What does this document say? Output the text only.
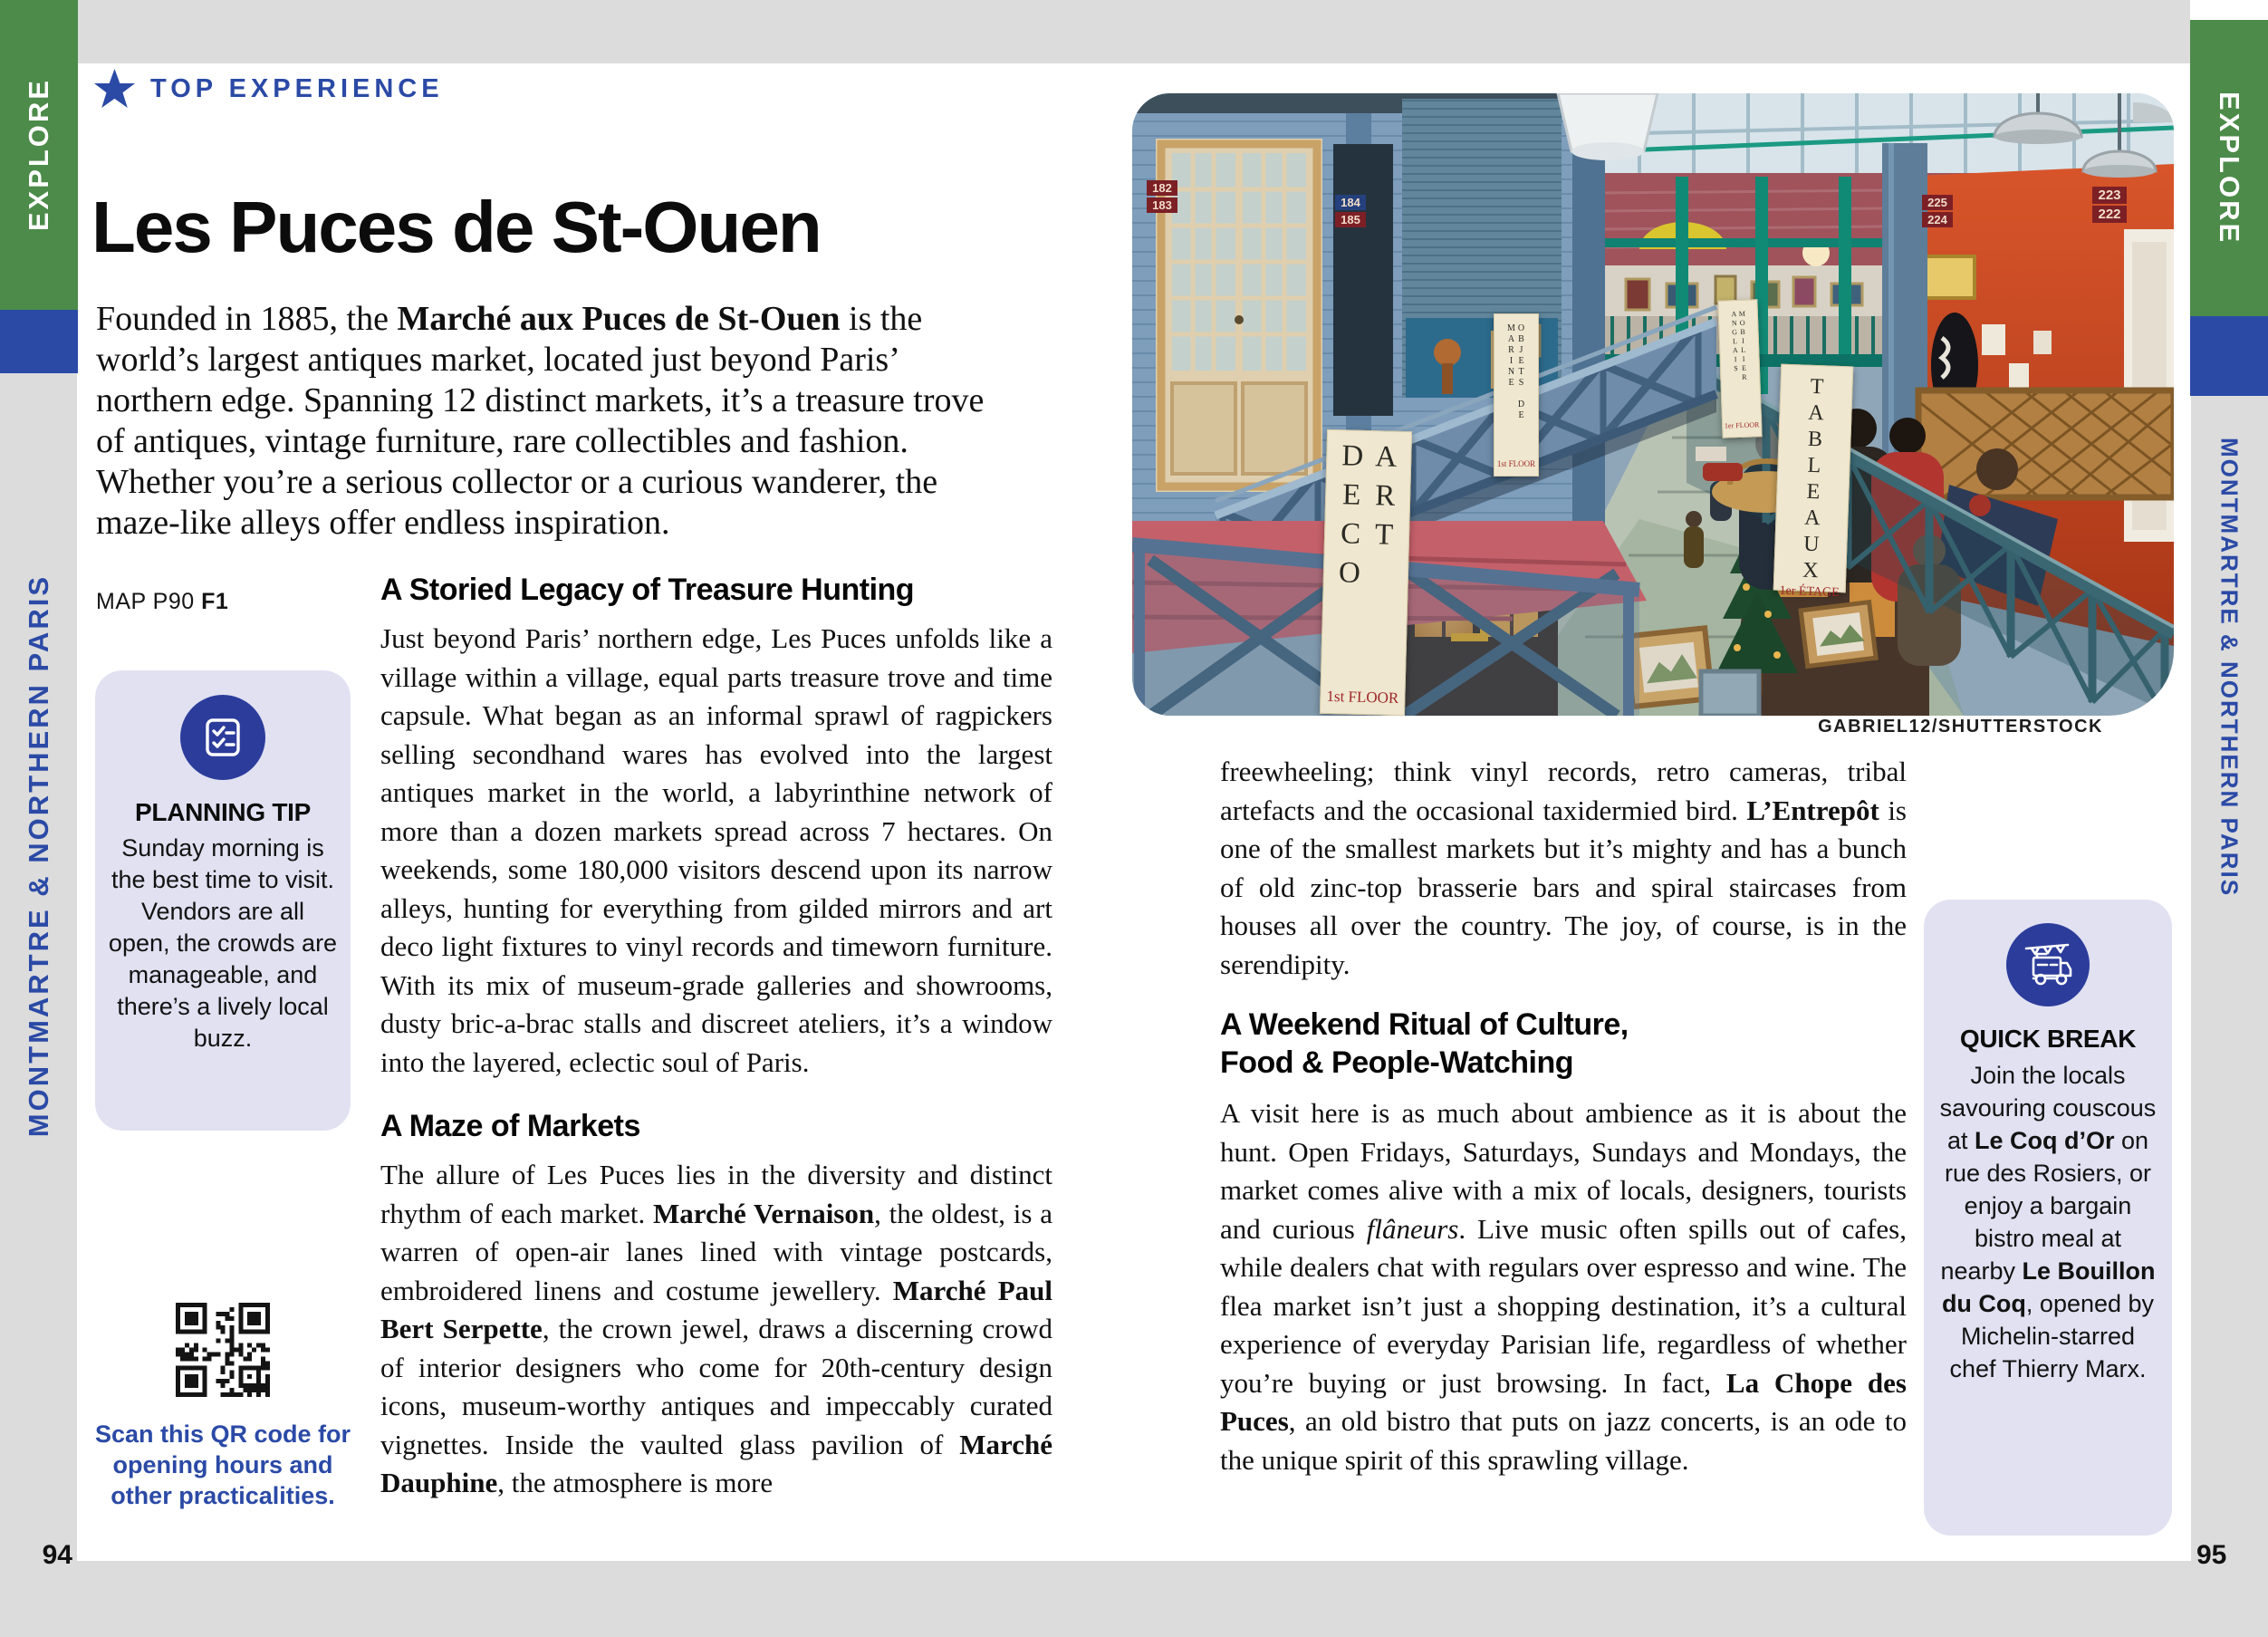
EXPLORE
MONTMARTRE & NORTHERN PARIS
EXPLORE
MONTMARTRE & NORTHERN PARIS
94	95
TOP EXPERIENCE
Les Puces de St-Ouen
Founded in 1885, the Marché aux Puces de St-Ouen is the world’s largest antiques market, located just beyond Paris’ northern edge. Spanning 12 distinct markets, it’s a treasure trove of antiques, vintage furniture, rare collectibles and fashion. Whether you’re a serious collector or a curious wanderer, the maze-like alleys offer endless inspiration.
MAP P90 F1
PLANNING TIP
Sunday morning is the best time to visit. Vendors are all open, the crowds are manageable, and there’s a lively local buzz.
Scan this QR code for opening hours and other practicalities.
A Storied Legacy of Treasure Hunting

Just beyond Paris’ northern edge, Les Puces unfolds like a village within a village, equal parts treasure trove and time capsule. What began as an informal sprawl of ragpickers selling secondhand wares has evolved into the largest antiques market in the world, a labyrinthine network of more than a dozen markets spread across 7 hectares. On weekends, some 180,000 visitors descend upon its narrow alleys, hunting for everything from gilded mirrors and art deco light fixtures to vinyl records and timeworn furniture. With its mix of museum-grade galleries and showrooms, dusty bric-a-brac stalls and discreet ateliers, it’s a window into the layered, eclectic soul of Paris.

A Maze of Markets

The allure of Les Puces lies in the diversity and distinct rhythm of each market. Marché Vernaison, the oldest, is a warren of open-air lanes lined with vintage postcards, embroidered linens and costume jewellery. Marché Paul Bert Serpette, the crown jewel, draws a discerning crowd of interior designers who come for 20th-century design icons, museum-worthy antiques and impeccably curated vignettes. Inside the vaulted glass pavilion of Marché Dauphine, the atmosphere is more

freewheeling; think vinyl records, retro cameras, tribal artefacts and the occasional taxidermied bird. L’Entrepôt is one of the smallest markets but it’s mighty and has a bunch of old zinc-top brasserie bars and spiral staircases from houses all over the country. The joy, of course, is in the serendipity.

A Weekend Ritual of Culture,
Food & People-Watching

A visit here is as much about ambience as it is about the hunt. Open Fridays, Saturdays, Sundays and Mondays, the market comes alive with a mix of locals, designers, tourists and curious flâneurs. Live music often spills out of cafes, while dealers chat with regulars over espresso and wine. The flea market isn’t just a shopping destination, it’s a cultural experience of everyday Parisian life, regardless of whether you’re buying or just browsing. In fact, La Chope des Puces, an old bistro that puts on jazz concerts, is an ode to the unique spirit of this sprawling village.

ART DECO
1st FLOOR
OBJETS DE MARINE
1st FLOOR
MOBILIER ANGLAIS
1er FLOOR TABLEAUX
1er ÉTAGE
182
183	184
185
225
224
223
222
GABRIEL12/SHUTTERSTOCK
QUICK BREAK
Join the locals savouring couscous at Le Coq d’Or on rue des Rosiers, or enjoy a bargain bistro meal at nearby Le Bouillon du Coq, opened by Michelin-starred chef Thierry Marx.
